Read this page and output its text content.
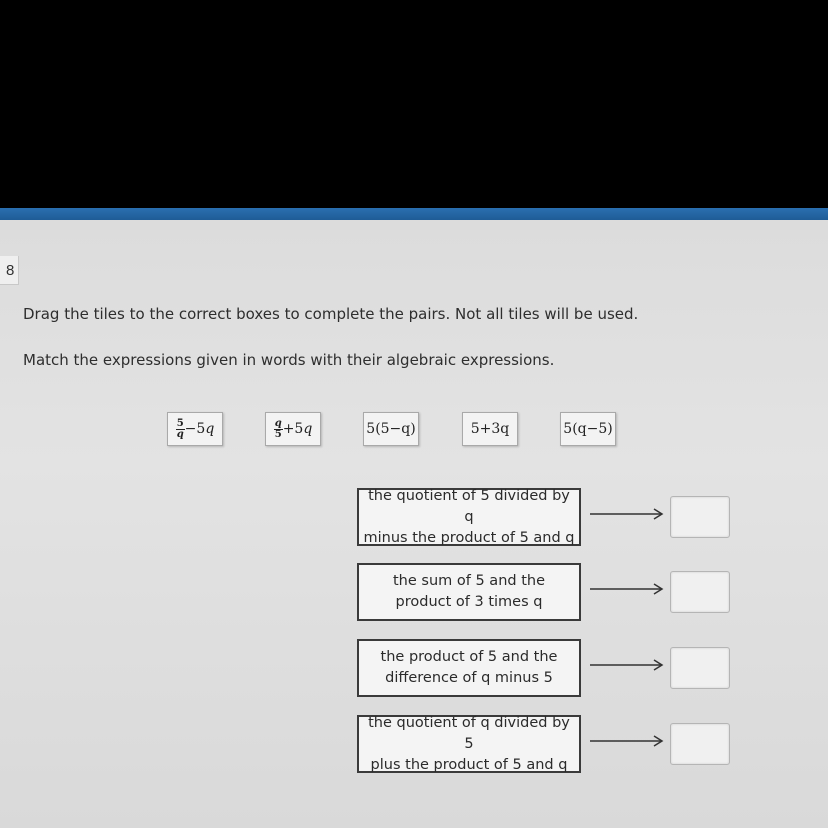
8
Drag the tiles to the correct boxes to complete the pairs. Not all tiles will be used.
Match the expressions given in words with their algebraic expressions.
5
q −5q	q
5 +5q	5(5−q)	5+3q	5(q−5)
the quotient of 5 divided by q
minus the product of 5 and q
the sum of 5 and the
product of 3 times q
the product of 5 and the
difference of q minus 5
the quotient of q divided by 5
plus the product of 5 and q
